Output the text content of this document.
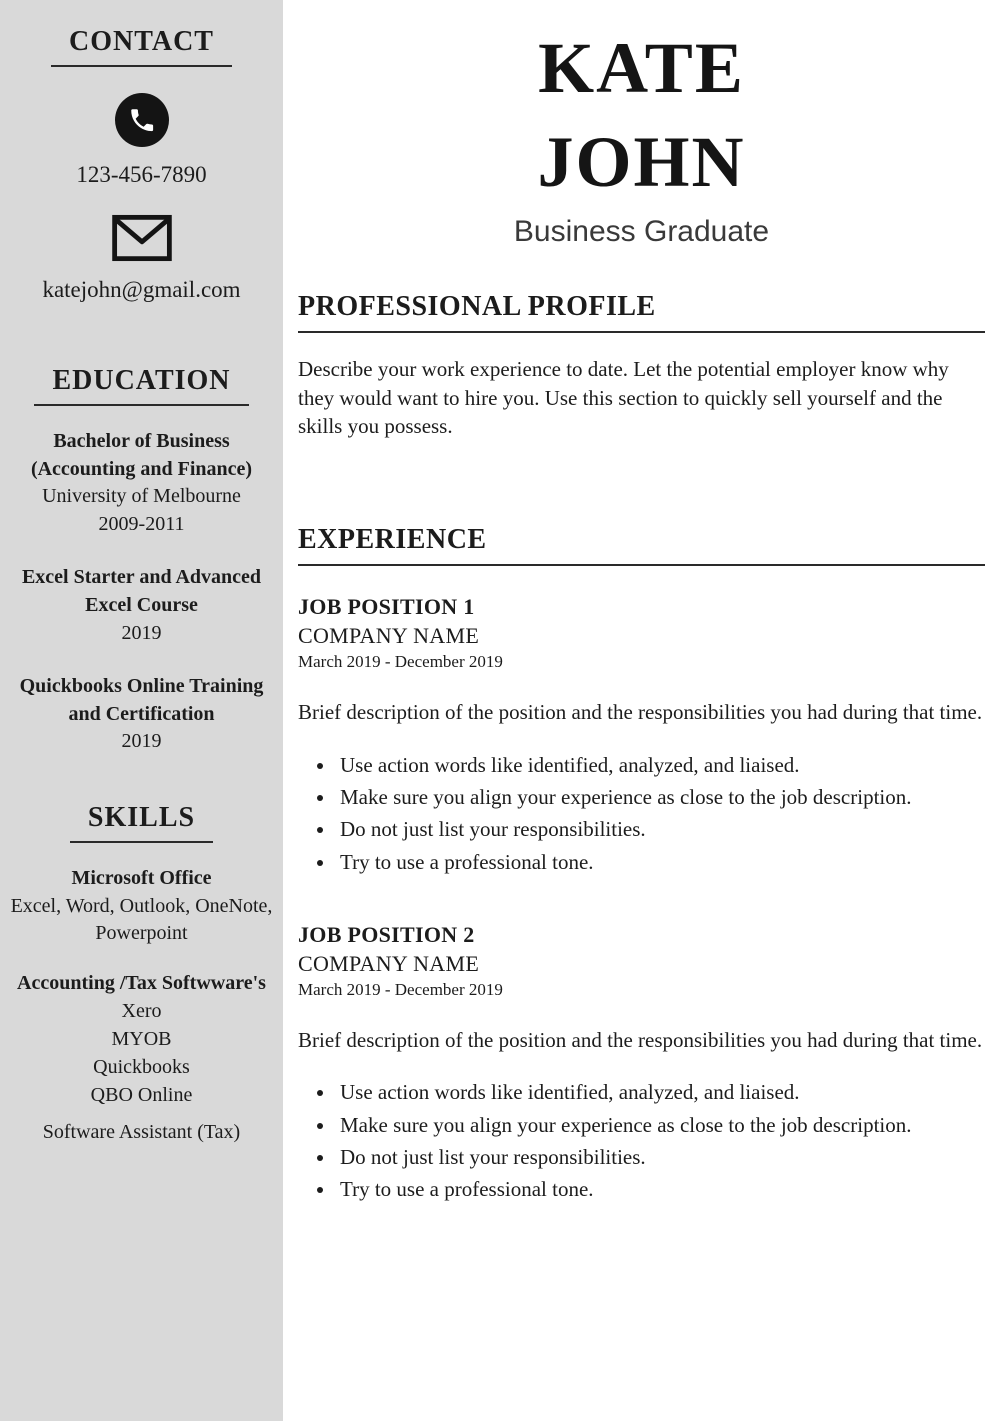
CONTACT
123-456-7890
katejohn@gmail.com
EDUCATION
Bachelor of Business (Accounting and Finance)
University of Melbourne
2009-2011
Excel Starter and Advanced Excel Course
2019
Quickbooks Online Training and Certification
2019
SKILLS
Microsoft Office
Excel, Word, Outlook, OneNote, Powerpoint
Accounting /Tax Softwware's
Xero
MYOB
Quickbooks
QBO Online
Software Assistant (Tax)
KATE
JOHN
Business Graduate
PROFESSIONAL PROFILE

Describe your work experience to date. Let the potential employer know why they would want to hire you. Use this section to quickly sell yourself and the skills you possess.

EXPERIENCE
JOB POSITION 1
COMPANY NAME
March 2019 - December 2019

Brief description of the position and the responsibilities you had during that time.

• Use action words like identified, analyzed, and liaised.
• Make sure you align your experience as close to the job description.
• Do not just list your responsibilities.
• Try to use a professional tone.
JOB POSITION 2
COMPANY NAME
March 2019 - December 2019

Brief description of the position and the responsibilities you had during that time.

• Use action words like identified, analyzed, and liaised.
• Make sure you align your experience as close to the job description.
• Do not just list your responsibilities.
• Try to use a professional tone.
